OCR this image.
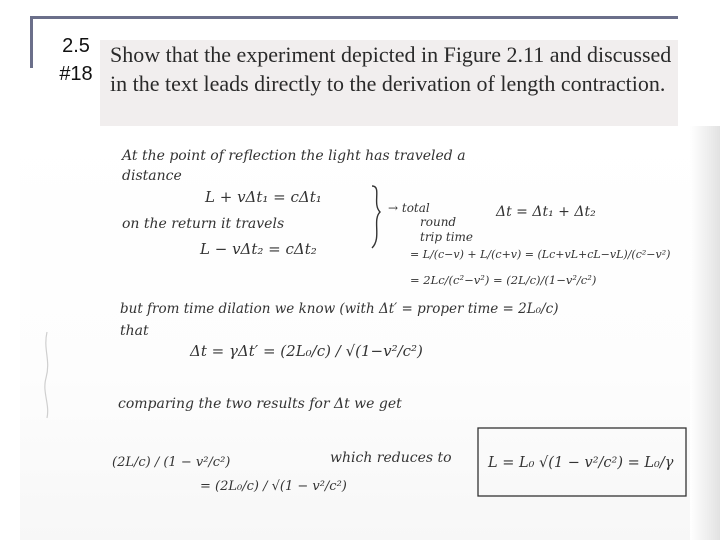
2.5
#18

Show that the experiment depicted in Figure 2.11 and discussed in the text leads directly to the derivation of length contraction.

At the point of reflection the light has traveled a
distance
L + vΔt₁ = cΔt₁
on the return it travels
L − vΔt₂ = cΔt₂
→ total
round
trip time
Δt = Δt₁ + Δt₂
= L/(c−v) + L/(c+v) = (Lc+vL+cL−vL)/(c²−v²)
= 2Lc/(c²−v²) = (2L/c)/(1−v²/c²)
but from time dilation we know (with Δt′ = proper time = 2L₀/c)
that
Δt = γΔt′ = (2L₀/c) / √(1−v²/c²)
comparing the two results for Δt we get
(2L/c) / (1 − v²/c²)
= (2L₀/c) / √(1 − v²/c²)
which reduces to	L = L₀ √(1 − v²/c²) = L₀/γ
